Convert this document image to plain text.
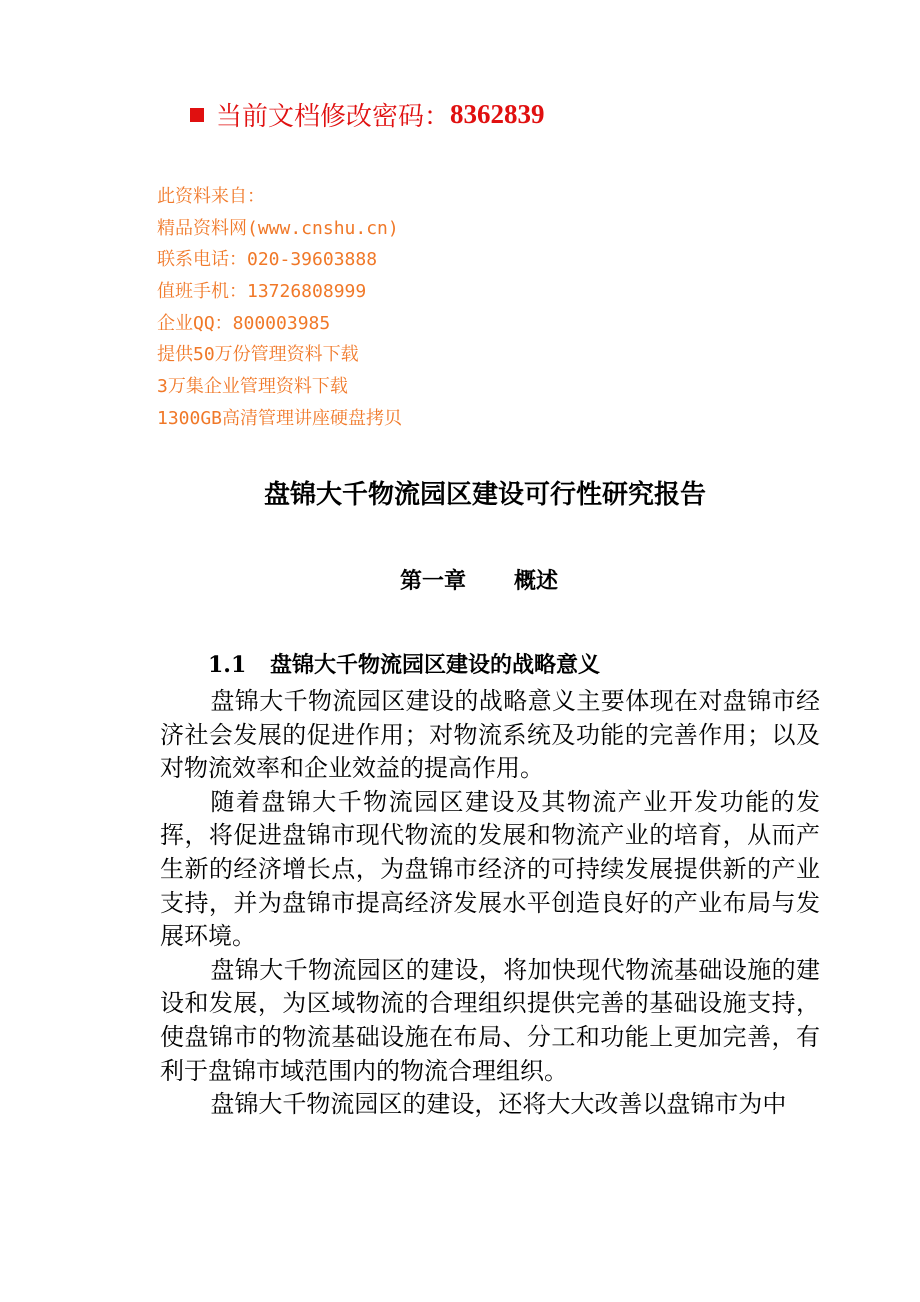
当前文档修改密码： 8362839
此资料来自：
精品资料网(www.cnshu.cn)
联系电话：020-39603888
值班手机：13726808999
企业QQ：800003985
提供50万份管理资料下载
3万集企业管理资料下载
1300GB高清管理讲座硬盘拷贝
盘锦大千物流园区建设可行性研究报告
第一章 概述
1.1 盘锦大千物流园区建设的战略意义

盘锦大千物流园区建设的战略意义主要体现在对盘锦市经济社会发展的促进作用；对物流系统及功能的完善作用；以及对物流效率和企业效益的提高作用。

随着盘锦大千物流园区建设及其物流产业开发功能的发挥，将促进盘锦市现代物流的发展和物流产业的培育，从而产生新的经济增长点，为盘锦市经济的可持续发展提供新的产业支持，并为盘锦市提高经济发展水平创造良好的产业布局与发展环境。

盘锦大千物流园区的建设，将加快现代物流基础设施的建设和发展，为区域物流的合理组织提供完善的基础设施支持，使盘锦市的物流基础设施在布局、分工和功能上更加完善，有利于盘锦市域范围内的物流合理组织。

盘锦大千物流园区的建设，还将大大改善以盘锦市为中
